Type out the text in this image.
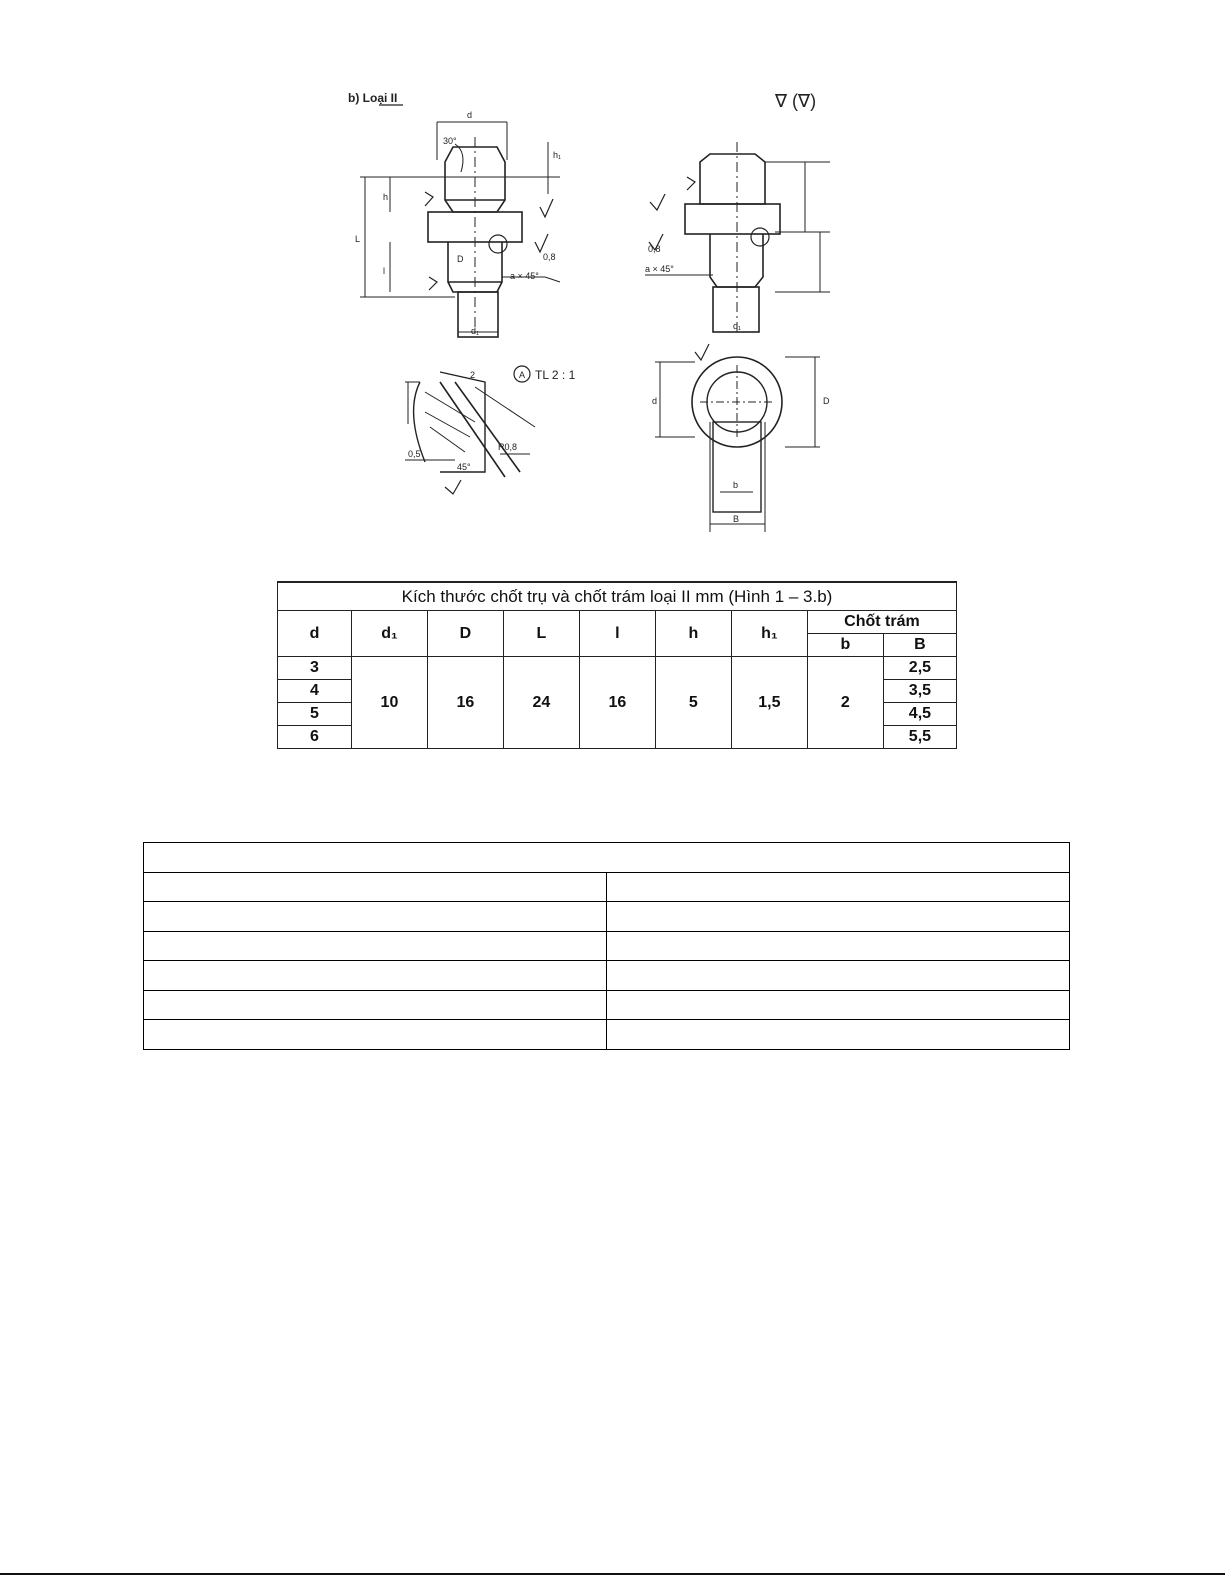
b) Loại II	∇ (∇)
d
30°
h₁
h
L
l
D	0,8
a × 45°
d₁
0,8
a × 45°
d₁
A TL 2 : 1
2
R0,8
0,5
45°
d	D
b
B
Kích thước chốt trụ và chốt trám loại II mm (Hình 1 – 3.b)								
d	d₁	D	L	l	h	h₁	Chốt trám	
							b	B
3	10	16	24	16	5	1,5	2	2,5
4								3,5
5								4,5
6								5,5
